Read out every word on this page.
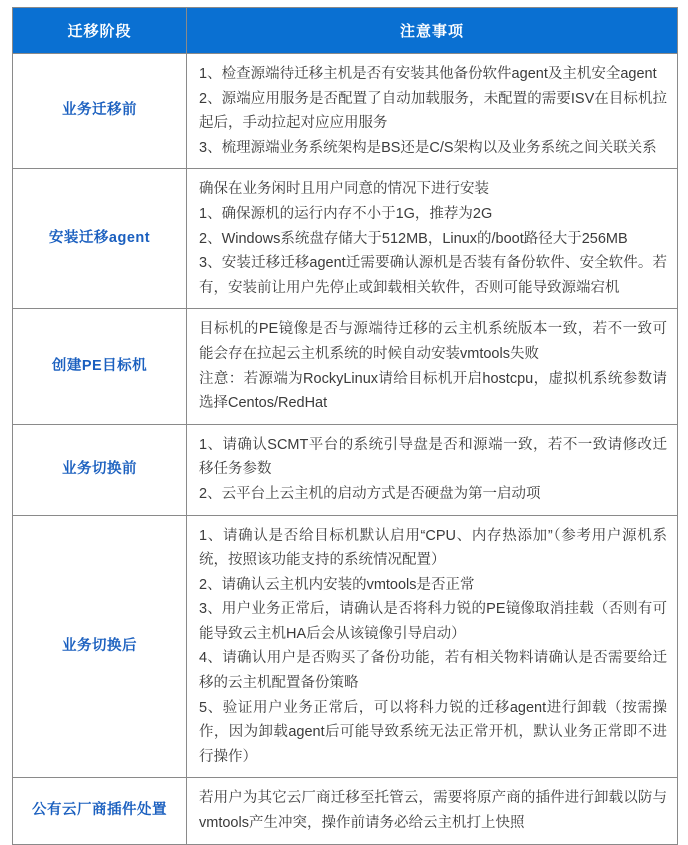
迁移阶段	注意事项
业务迁移前	1、检查源端待迁移主机是否有安装其他备份软件agent及主机安全agent
2、源端应用服务是否配置了自动加载服务，未配置的需要ISV在目标机拉起后，手动拉起对应应用服务
3、梳理源端业务系统架构是BS还是C/S架构以及业务系统之间关联关系

安装迁移agent	确保在业务闲时且用户同意的情况下进行安装
1、确保源机的运行内存不小于1G，推荐为2G
2、Windows系统盘存储大于512MB，Linux的/boot路径大于256MB
3、安装迁移迁移agent迁需要确认源机是否装有备份软件、安全软件。若有，安装前让用户先停止或卸载相关软件，否则可能导致源端宕机

创建PE目标机	目标机的PE镜像是否与源端待迁移的云主机系统版本一致，若不一致可能会存在拉起云主机系统的时候自动安装vmtools失败
注意：若源端为RockyLinux请给目标机开启hostcpu，虚拟机系统参数请选择Centos/RedHat

业务切换前	1、请确认SCMT平台的系统引导盘是否和源端一致，若不一致请修改迁移任务参数
2、云平台上云主机的启动方式是否硬盘为第一启动项

业务切换后	1、请确认是否给目标机默认启用“CPU、内存热添加”（参考用户源机系统，按照该功能支持的系统情况配置）
2、请确认云主机内安装的vmtools是否正常
3、用户业务正常后，请确认是否将科力锐的PE镜像取消挂载（否则有可能导致云主机HA后会从该镜像引导启动）
4、请确认用户是否购买了备份功能，若有相关物料请确认是否需要给迁移的云主机配置备份策略
5、验证用户业务正常后，可以将科力锐的迁移agent进行卸载（按需操作，因为卸载agent后可能导致系统无法正常开机，默认业务正常即不进行操作）

公有云厂商插件处置	若用户为其它云厂商迁移至托管云，需要将原产商的插件进行卸载以防与vmtools产生冲突，操作前请务必给云主机打上快照
